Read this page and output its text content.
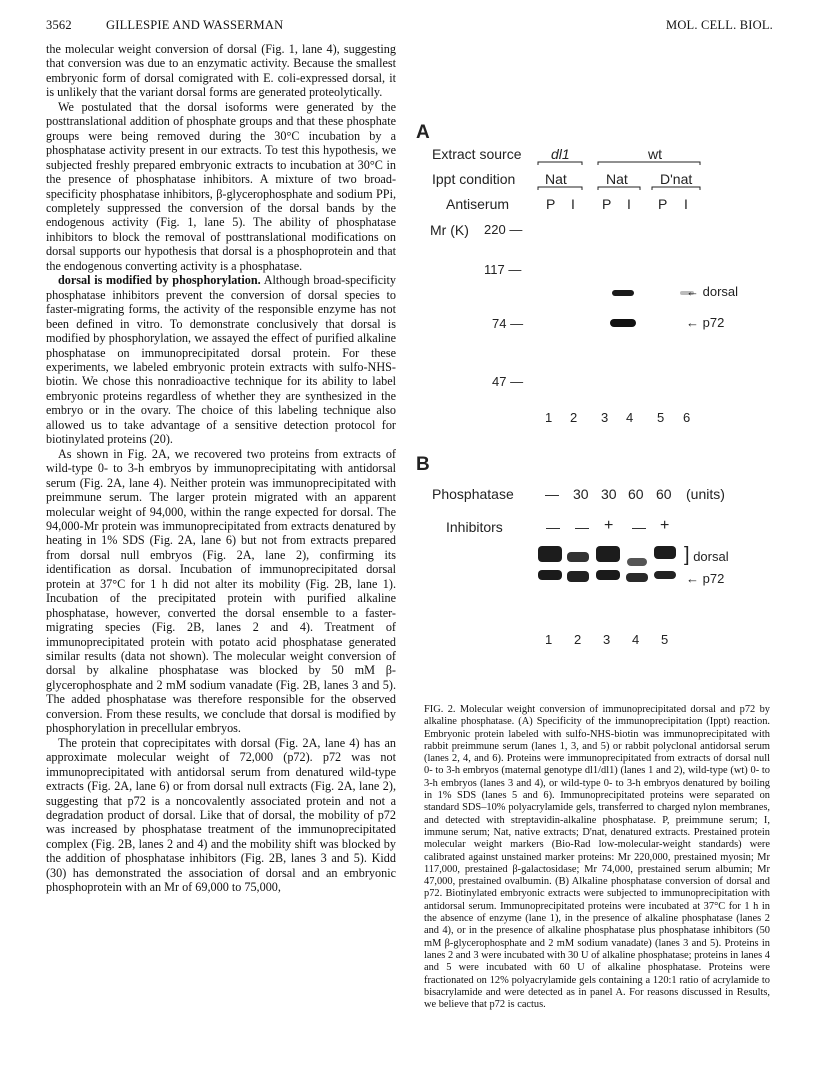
3562	GILLESPIE AND WASSERMAN	MOL. CELL. BIOL.

the molecular weight conversion of dorsal (Fig. 1, lane 4), suggesting that conversion was due to an enzymatic activity. Because the smallest embryonic form of dorsal comigrated with E. coli-expressed dorsal, it is unlikely that the variant dorsal forms are generated proteolytically.

We postulated that the dorsal isoforms were generated by the posttranslational addition of phosphate groups and that these phosphate groups were being removed during the 30°C incubation by a phosphatase activity present in our extracts. To test this hypothesis, we subjected freshly prepared embryonic extracts to incubation at 30°C in the presence of phosphatase inhibitors. A mixture of two broad-specificity phosphatase inhibitors, β-glycerophosphate and sodium PPi, completely suppressed the conversion of the dorsal bands by the endogenous activity (Fig. 1, lane 5). The ability of phosphatase inhibitors to block the removal of posttranslational modifications on dorsal supports our hypothesis that dorsal is a phosphoprotein and that the endogenous converting activity is a phosphatase.

dorsal is modified by phosphorylation. Although broad-specificity phosphatase inhibitors prevent the conversion of dorsal species to faster-migrating forms, the activity of the responsible enzyme has not been defined in vitro. To demonstrate conclusively that dorsal is modified by phosphorylation, we assayed the effect of purified alkaline phosphatase on immunoprecipitated dorsal protein. For these experiments, we labeled embryonic protein extracts with sulfo-NHS-biotin. We chose this nonradioactive technique for its ability to label embryonic proteins regardless of whether they are synthesized in the embryo or in the ovary. The choice of this labeling technique also allowed us to take advantage of a sensitive detection protocol for biotinylated proteins (20).

As shown in Fig. 2A, we recovered two proteins from extracts of wild-type 0- to 3-h embryos by immunoprecipitating with antidorsal serum (Fig. 2A, lane 4). Neither protein was immunoprecipitated with preimmune serum. The larger protein migrated with an apparent molecular weight of 94,000, within the range expected for dorsal. The 94,000-Mr protein was immunoprecipitated from extracts denatured by heating in 1% SDS (Fig. 2A, lane 6) but not from extracts prepared from dorsal null embryos (Fig. 2A, lane 2), confirming its identification as dorsal. Incubation of immunoprecipitated dorsal protein at 37°C for 1 h did not alter its mobility (Fig. 2B, lane 1). Incubation of the precipitated protein with purified alkaline phosphatase, however, converted the dorsal ensemble to a faster-migrating species (Fig. 2B, lanes 2 and 4). Treatment of immunoprecipitated protein with potato acid phosphatase generated similar results (data not shown). The molecular weight conversion of dorsal by alkaline phosphatase was blocked by 50 mM β-glycerophosphate and 2 mM sodium vanadate (Fig. 2B, lanes 3 and 5). The added phosphatase was therefore responsible for the observed conversion. From these results, we conclude that dorsal is modified by phosphorylation in precellular embryos.

The protein that coprecipitates with dorsal (Fig. 2A, lane 4) has an approximate molecular weight of 72,000 (p72). p72 was not immunoprecipitated with antidorsal serum from denatured wild-type extracts (Fig. 2A, lane 6) or from dorsal null extracts (Fig. 2A, lane 2), suggesting that p72 is a noncovalently associated protein and not a degradation product of dorsal. Like that of dorsal, the mobility of p72 was increased by phosphatase treatment of the immunoprecipitated complex (Fig. 2B, lanes 2 and 4) and the mobility shift was blocked by the addition of phosphatase inhibitors (Fig. 2B, lanes 3 and 5). Kidd (30) has demonstrated the association of dorsal and an embryonic phosphoprotein with an Mr of 69,000 to 75,000,

A
Extract source dl1	wt
Ippt condition Nat	Nat D'nat
Antiserum	P I P I P I
Mr (K) 220 —
117 —
74 —
47 —
← dorsal
← p72
1 2 3 4 5 6
B
Phosphatase — 30 30 60 60 (units)
Inhibitors	— — + — +
] dorsal
← p72
1 2 3 4 5
FIG. 2. Molecular weight conversion of immunoprecipitated dorsal and p72 by alkaline phosphatase. (A) Specificity of the immunoprecipitation (Ippt) reaction. Embryonic protein labeled with sulfo-NHS-biotin was immunoprecipitated with rabbit preimmune serum (lanes 1, 3, and 5) or rabbit polyclonal antidorsal serum (lanes 2, 4, and 6). Proteins were immunoprecipitated from extracts of dorsal null 0- to 3-h embryos (maternal genotype dl1/dl1) (lanes 1 and 2), wild-type (wt) 0- to 3-h embryos (lanes 3 and 4), or wild-type 0- to 3-h embryos denatured by boiling in 1% SDS (lanes 5 and 6). Immunoprecipitated proteins were separated on standard SDS–10% polyacrylamide gels, transferred to charged nylon membranes, and detected with streptavidin-alkaline phosphatase. P, preimmune serum; I, immune serum; Nat, native extracts; D'nat, denatured extracts. Prestained protein molecular weight markers (Bio-Rad low-molecular-weight standards) were calibrated against unstained marker proteins: Mr 220,000, prestained myosin; Mr 117,000, prestained β-galactosidase; Mr 74,000, prestained serum albumin; Mr 47,000, prestained ovalbumin. (B) Alkaline phosphatase conversion of dorsal and p72. Biotinylated embryonic extracts were subjected to immunoprecipitation with antidorsal serum. Immunoprecipitated proteins were incubated at 37°C for 1 h in the absence of enzyme (lane 1), in the presence of alkaline phosphatase (lanes 2 and 4), or in the presence of alkaline phosphatase plus phosphatase inhibitors (50 mM β-glycerophosphate and 2 mM sodium vanadate) (lanes 3 and 5). Proteins in lanes 2 and 3 were incubated with 30 U of alkaline phosphatase; proteins in lanes 4 and 5 were incubated with 60 U of alkaline phosphatase. Proteins were fractionated on 12% polyacrylamide gels containing a 120:1 ratio of acrylamide to bisacrylamide and were detected as in panel A. For reasons discussed in Results, we believe that p72 is cactus.
